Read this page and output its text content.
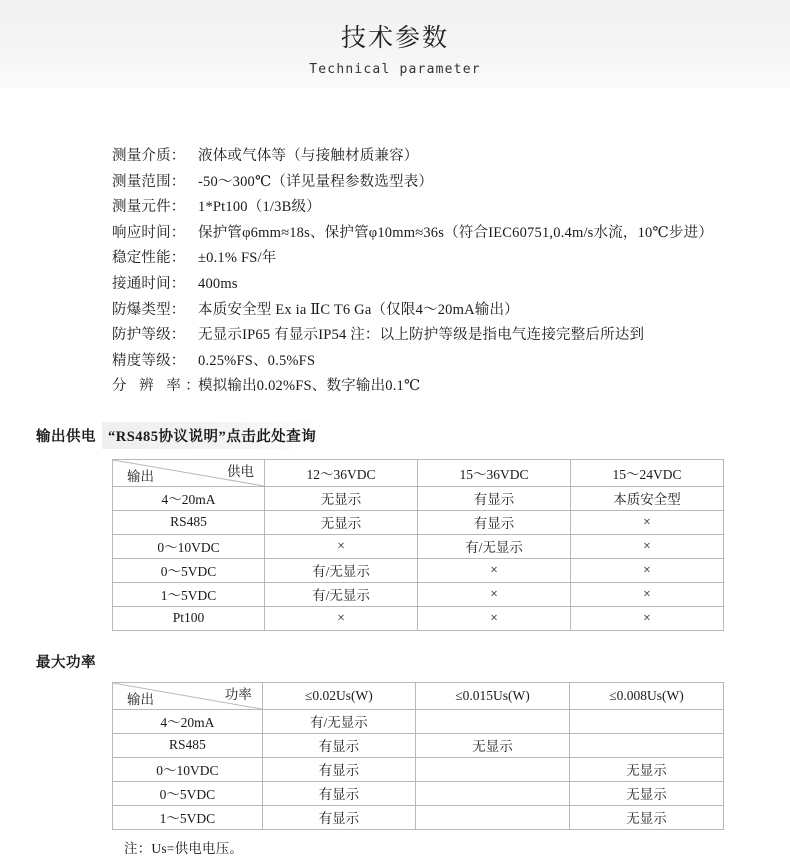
技术参数
Technical parameter
测量介质： 液体或气体等（与接触材质兼容）
测量范围： -50～300℃（详见量程参数选型表）
测量元件： 1*Pt100（1/3B级）
响应时间： 保护管φ6mm≈18s、保护管φ10mm≈36s（符合IEC60751,0.4m/s水流，10℃步进）
稳定性能： ±0.1% FS/年
接通时间： 400ms
防爆类型： 本质安全型 Ex ia ⅡC T6 Ga（仅限4～20mA输出）
防护等级： 无显示IP65 有显示IP54 注：以上防护等级是指电气连接完整后所达到
精度等级： 0.25%FS、0.5%FS
分 辨 率：
模拟输出0.02%FS、数字输出0.1℃
输出供电 “RS485协议说明”点击此处查询
输出 供电	12～36VDC	15～36VDC	15～24VDC
4～20mA	无显示	有显示	本质安全型
RS485	无显示	有显示	×
0～10VDC	×	有/无显示	×
0～5VDC	有/无显示	×	×
1～5VDC	有/无显示	×	×
Pt100	×	×	×
最大功率
输出 功率	≤0.02Us(W)	≤0.015Us(W)	≤0.008Us(W)
4～20mA	有/无显示		
RS485	有显示	无显示	
0～10VDC	有显示		无显示
0～5VDC	有显示		无显示
1～5VDC	有显示		无显示
注：Us=供电电压。
